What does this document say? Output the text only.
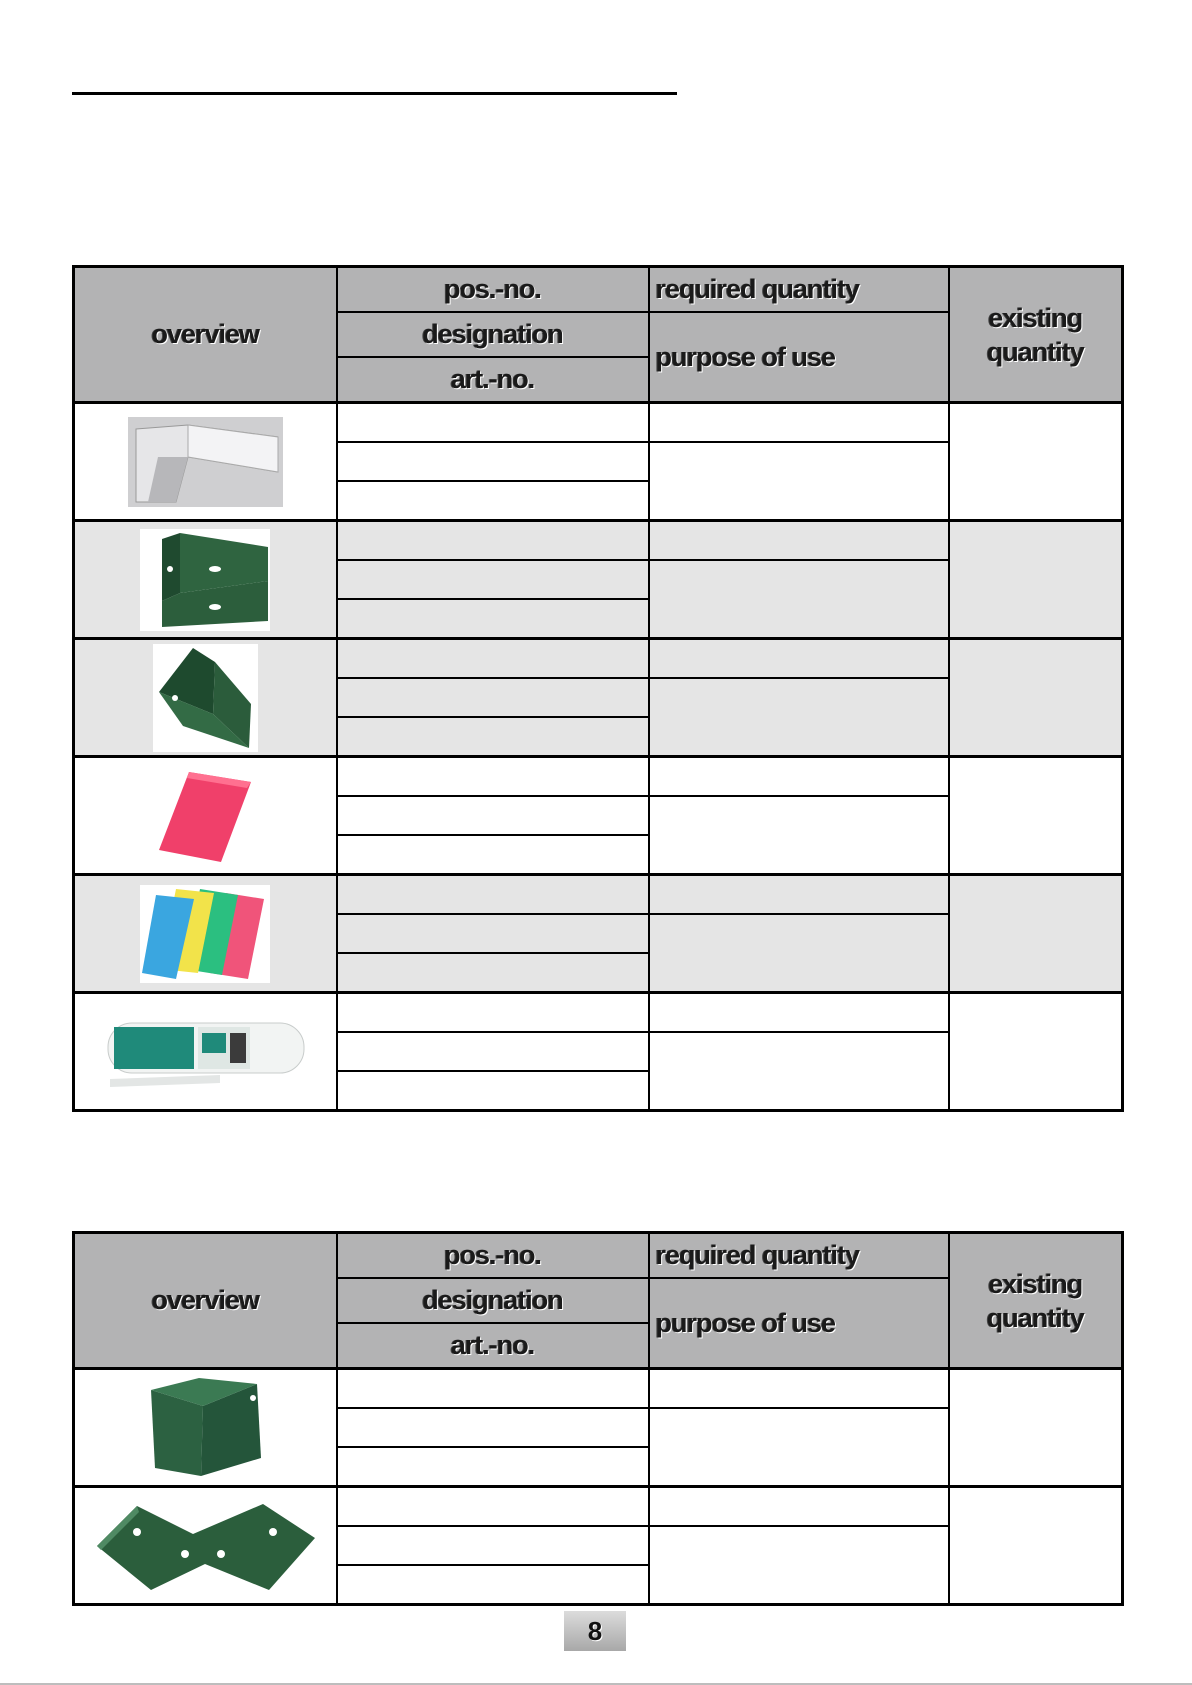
overview	pos.-no.	required quantity	existing quantity
	designation	purpose of use	
	art.-no.		

overview	pos.-no.	required quantity	existing quantity
	designation	purpose of use	
	art.-no.		

8
